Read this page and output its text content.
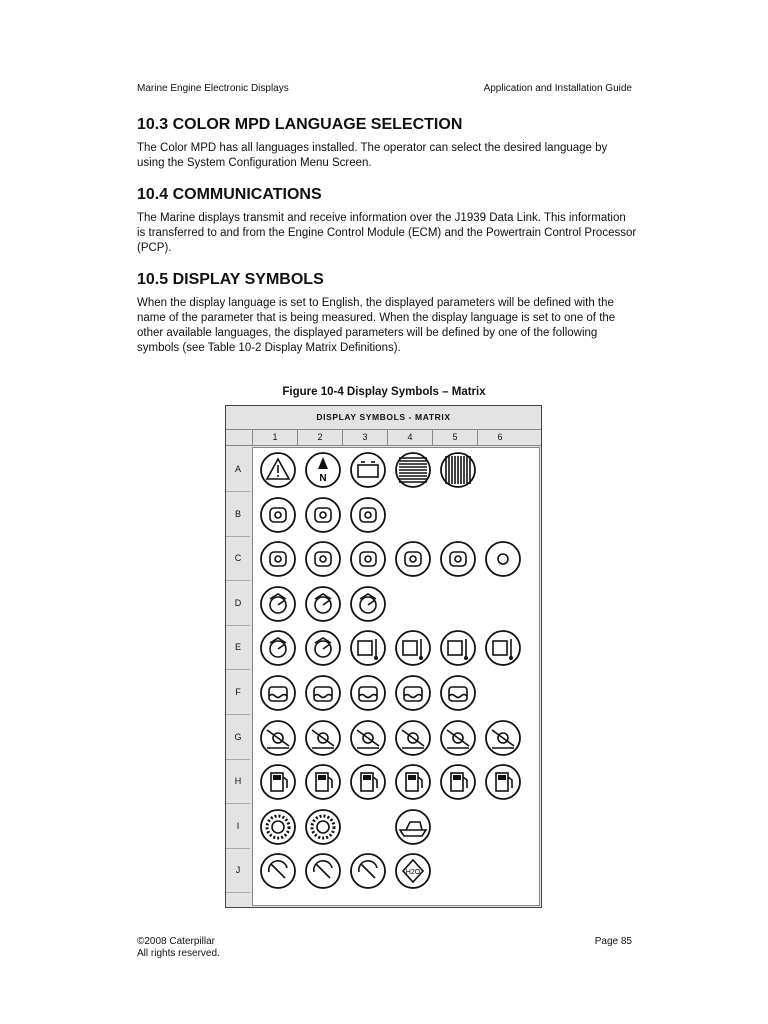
Marine Engine Electronic Displays	Application and Installation Guide
10.3 COLOR MPD LANGUAGE SELECTION

The Color MPD has all languages installed. The operator can select the desired language by using the System Configuration Menu Screen.

10.4 COMMUNICATIONS

The Marine displays transmit and receive information over the J1939 Data Link. This information is transferred to and from the Engine Control Module (ECM) and the Powertrain Control Processor (PCP).

10.5 DISPLAY SYMBOLS

When the display language is set to English, the displayed parameters will be defined with the name of the parameter that is being measured. When the display language is set to one of the other available languages, the displayed parameters will be defined by one of the following symbols (see Table 10-2 Display Matrix Definitions).

Figure 10-4 Display Symbols – Matrix
DISPLAY SYMBOLS - MATRIX
1	2	3	4	5	6
N
H2O
A
B
C
D
E
F
G
H
I
J
©2008 Caterpillar
All rights reserved.
Page 85
